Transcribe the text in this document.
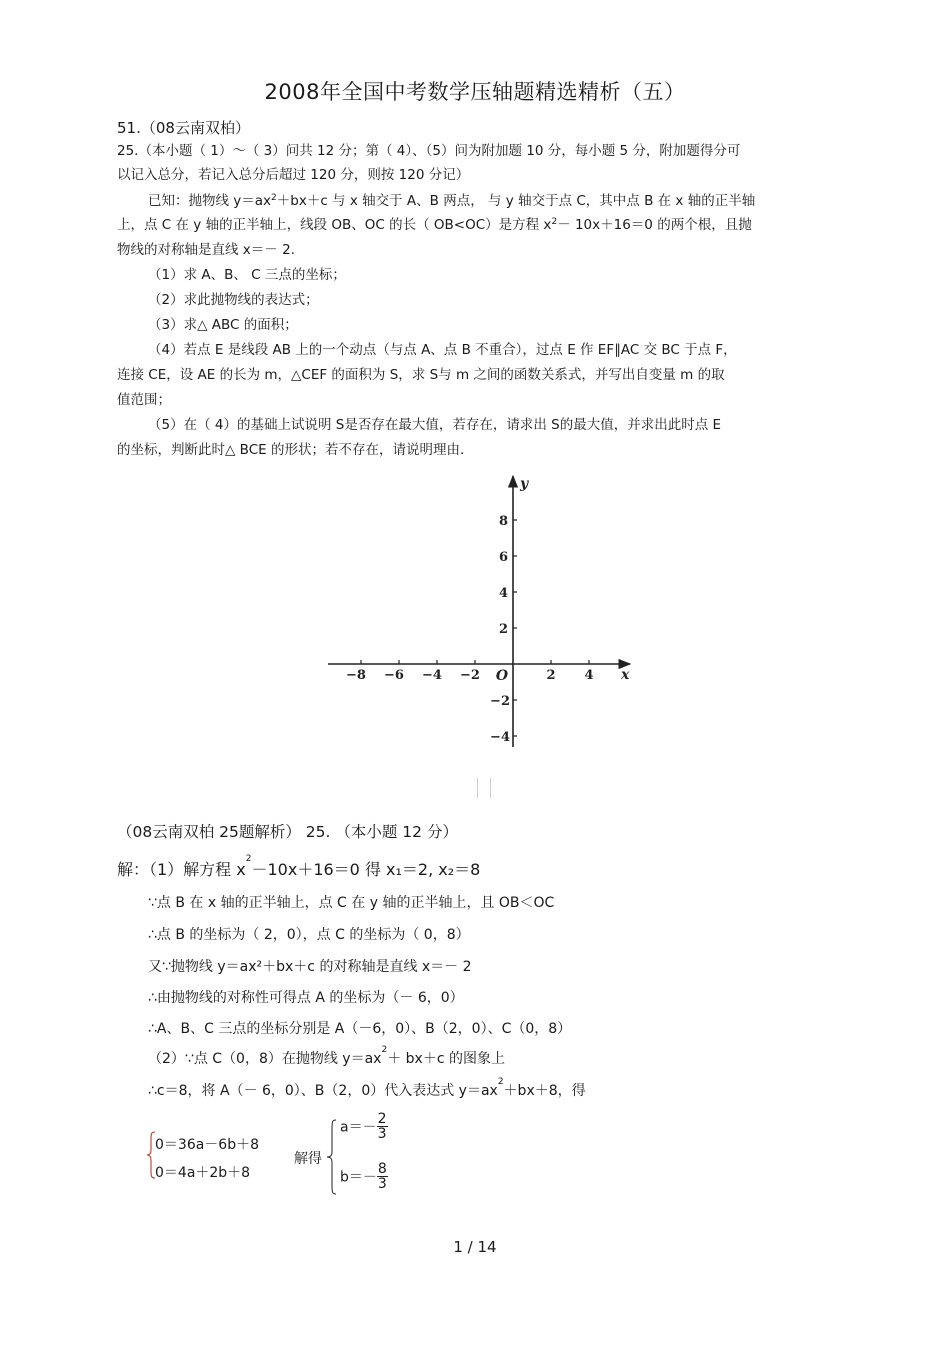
2008年全国中考数学压轴题精选精析（五）
51.（08云南双柏）
25.（本小题（ 1）～（ 3）问共 12 分；第（ 4）、（5）问为附加题 10 分，每小题 5 分，附加题得分可
以记入总分，若记入总分后超过 120 分，则按 120 分记）
已知：抛物线 $y=ax^2+bx+c$ 与 x 轴交于 A、B 两点， 与 y 轴交于点 C，其中点 B 在 x 轴的正半轴
上，点 C 在 y 轴的正半轴上，线段 OB、OC 的长（ OB<OC）是方程 $x^2- 10x+16=0$ 的两个根，且抛
物线的对称轴是直线 x＝－ 2.
（1）求 A、B、 C 三点的坐标；
（2）求此抛物线的表达式；
（3）求△ ABC 的面积；
（4）若点 E 是线段 AB 上的一个动点（与点 A、点 B 不重合），过点 E 作 EF∥AC 交 BC 于点 F，
连接 CE，设 AE 的长为 m，△CEF 的面积为 S，求 S与 m 之间的函数关系式，并写出自变量 m 的取
值范围；
（5）在（ 4）的基础上试说明 S是否存在最大值，若存在，请求出 S的最大值，并求出此时点 E
的坐标，判断此时△ BCE 的形状；若不存在，请说明理由.
−8 −6 −4 −2	2 4
8
6
4
2
−2
−4
O	x
y
（08云南双柏 25题解析） 25. （本小题 12 分）
解：（1）解方程 $x^2-10x+16=0$ 得 x₁＝2, x₂＝8
∵点 B 在 x 轴的正半轴上，点 C 在 y 轴的正半轴上，且 OB＜OC
∴点 B 的坐标为（ 2，0），点 C 的坐标为（ 0，8）
又∵抛物线 y＝ax²＋bx＋c 的对称轴是直线 x＝－ 2
∴由抛物线的对称性可得点 A 的坐标为（－ 6，0）
∴A、B、C 三点的坐标分别是 A（－6，0）、B（2，0）、C（0，8）
（2）∵点 C（0，8）在抛物线 $y=ax^2+ bx+c$ 的图象上
∴c＝8，将 A（－ 6，0）、B（2，0）代入表达式 $y=ax^2+bx+8$，得
0＝36a－6b＋8
0＝4a＋2b＋8
解得
$a=- \frac{2}{3}$
$b=- \frac{8}{3}$
1 / 14
